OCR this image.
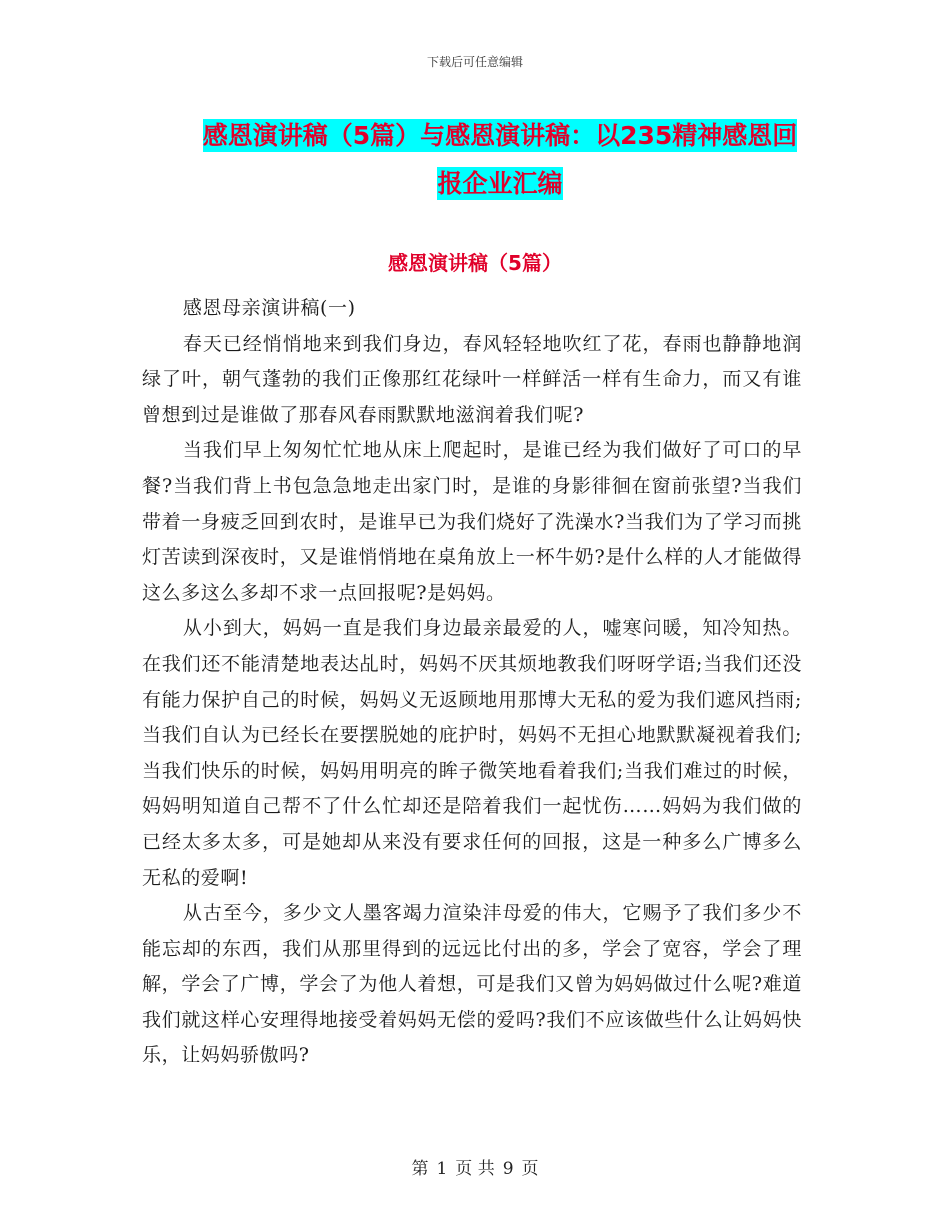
下载后可任意编辑
感恩演讲稿（5篇）与感恩演讲稿：以235精神感恩回
报企业汇编
感恩演讲稿（5篇）

感恩母亲演讲稿(一)

春天已经悄悄地来到我们身边，春风轻轻地吹红了花，春雨也静静地润绿了叶，朝气蓬勃的我们正像那红花绿叶一样鲜活一样有生命力，而又有谁曾想到过是谁做了那春风春雨默默地滋润着我们呢?

当我们早上匆匆忙忙地从床上爬起时，是谁已经为我们做好了可口的早餐?当我们背上书包急急地走出家门时，是谁的身影徘徊在窗前张望?当我们带着一身疲乏回到农时，是谁早已为我们烧好了洗澡水?当我们为了学习而挑灯苦读到深夜时，又是谁悄悄地在桌角放上一杯牛奶?是什么样的人才能做得这么多这么多却不求一点回报呢?是妈妈。

从小到大，妈妈一直是我们身边最亲最爱的人，嘘寒问暖，知冷知热。在我们还不能清楚地表达乩时，妈妈不厌其烦地教我们呀呀学语;当我们还没有能力保护自己的时候，妈妈义无返顾地用那博大无私的爱为我们遮风挡雨;当我们自认为已经长在要摆脱她的庇护时，妈妈不无担心地默默凝视着我们;当我们快乐的时候，妈妈用明亮的眸子微笑地看着我们;当我们难过的时候，妈妈明知道自己帮不了什么忙却还是陪着我们一起忧伤……妈妈为我们做的已经太多太多，可是她却从来没有要求任何的回报，这是一种多么广博多么无私的爱啊!

从古至今，多少文人墨客竭力渲染沣母爱的伟大，它赐予了我们多少不能忘却的东西，我们从那里得到的远远比付出的多，学会了宽容，学会了理解，学会了广博，学会了为他人着想，可是我们又曾为妈妈做过什么呢?难道我们就这样心安理得地接受着妈妈无偿的爱吗?我们不应该做些什么让妈妈快乐，让妈妈骄傲吗?

第 1 页 共 9 页
